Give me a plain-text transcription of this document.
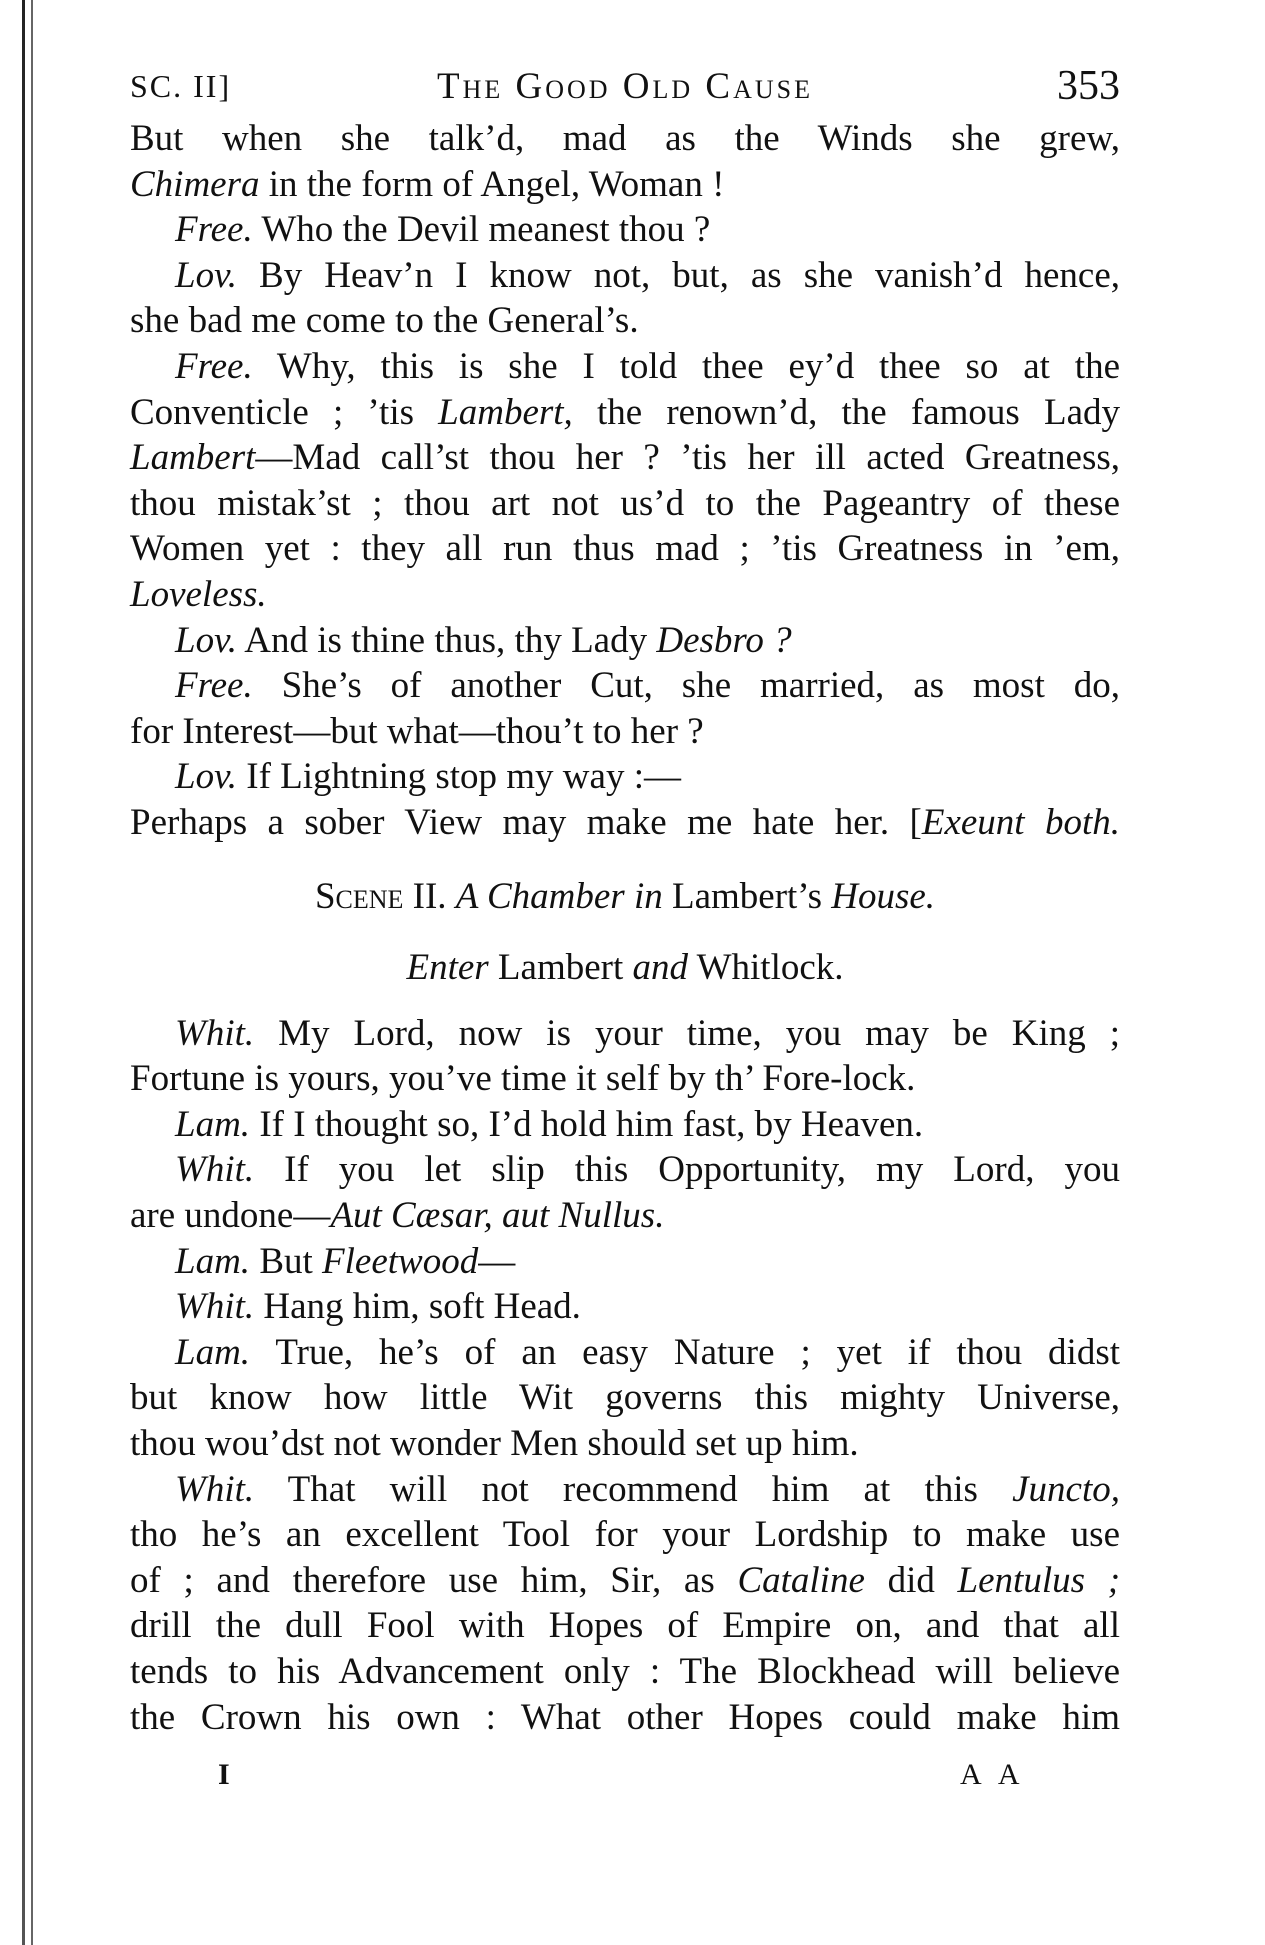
SC. II]	The Good Old Cause	353
But when she talk’d, mad as the Winds she grew,
Chimera in the form of Angel, Woman !
Free. Who the Devil meanest thou ?
Lov. By Heav’n I know not, but, as she vanish’d hence,
she bad me come to the General’s.
Free. Why, this is she I told thee ey’d thee so at the
Conventicle ; ’tis Lambert, the renown’d, the famous Lady
Lambert—Mad call’st thou her ? ’tis her ill acted Greatness,
thou mistak’st ; thou art not us’d to the Pageantry of these
Women yet : they all run thus mad ; ’tis Greatness in ’em,
Loveless.
Lov. And is thine thus, thy Lady Desbro ?
Free. She’s of another Cut, she married, as most do,
for Interest—but what—thou’t to her ?
Lov. If Lightning stop my way :—
Perhaps a sober View may make me hate her. [Exeunt both.
Scene II. A Chamber in Lambert’s House.
Enter Lambert and Whitlock.
Whit. My Lord, now is your time, you may be King ;
Fortune is yours, you’ve time it self by th’ Fore-lock.
Lam. If I thought so, I’d hold him fast, by Heaven.
Whit. If you let slip this Opportunity, my Lord, you
are undone—Aut Cæsar, aut Nullus.
Lam. But Fleetwood—
Whit. Hang him, soft Head.
Lam. True, he’s of an easy Nature ; yet if thou didst
but know how little Wit governs this mighty Universe,
thou wou’dst not wonder Men should set up him.
Whit. That will not recommend him at this Juncto,
tho he’s an excellent Tool for your Lordship to make use
of ; and therefore use him, Sir, as Cataline did Lentulus ;
drill the dull Fool with Hopes of Empire on, and that all
tends to his Advancement only : The Blockhead will believe
the Crown his own : What other Hopes could make him
I	A A
